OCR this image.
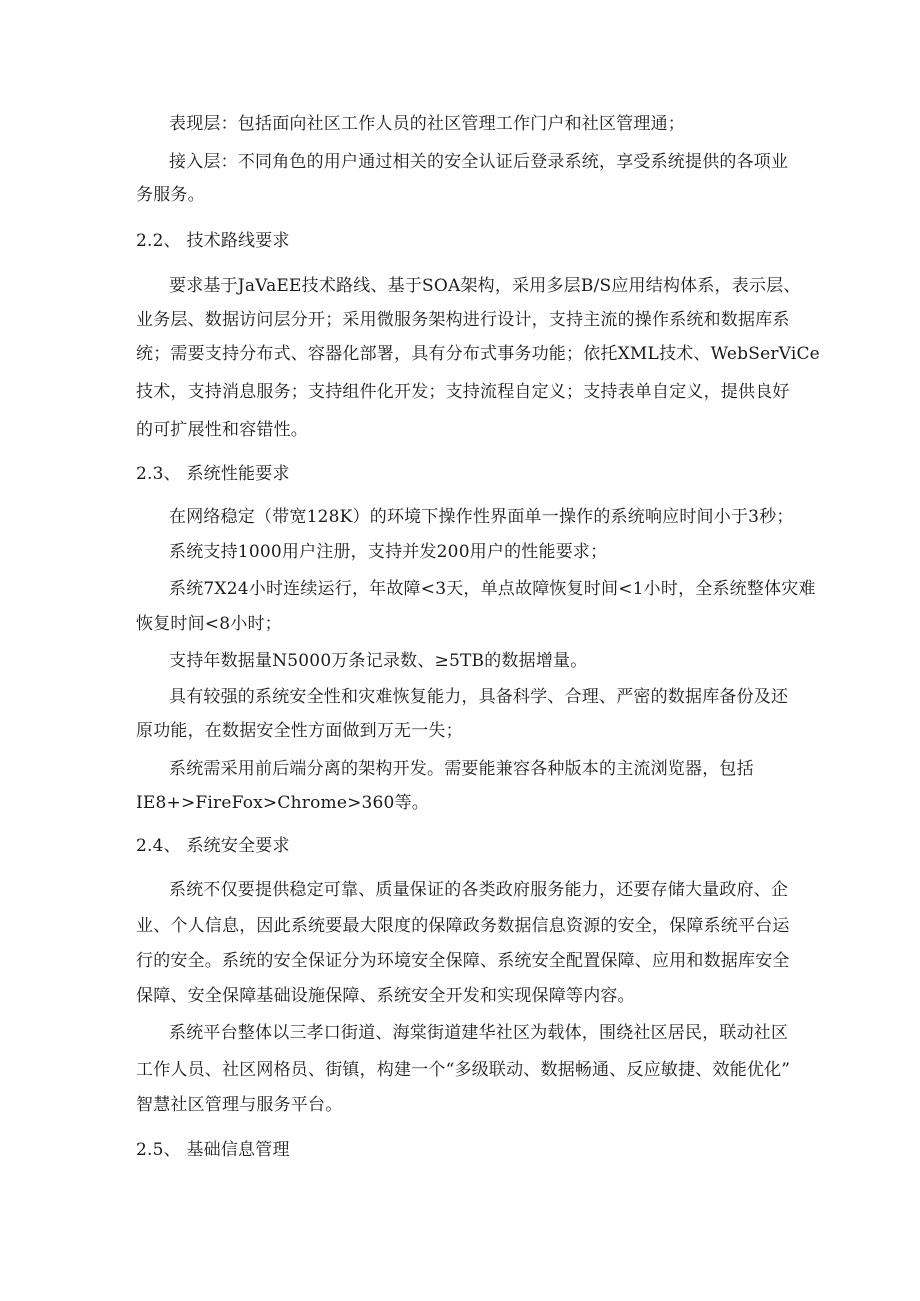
表现层：包括面向社区工作人员的社区管理工作门户和社区管理通；
接入层：不同角色的用户通过相关的安全认证后登录系统，享受系统提供的各项业
务服务。
2.2、 技术路线要求
要求基于JaVaEE技术路线、基于SOA架构，采用多层B/S应用结构体系，表示层、
业务层、数据访问层分开；采用微服务架构进行设计，支持主流的操作系统和数据库系
统；需要支持分布式、容器化部署，具有分布式事务功能；依托XML技术、WebSerViCe
技术，支持消息服务；支持组件化开发；支持流程自定义；支持表单自定义，提供良好
的可扩展性和容错性。
2.3、 系统性能要求
在网络稳定（带宽128K）的环境下操作性界面单一操作的系统响应时间小于3秒；
系统支持1000用户注册，支持并发200用户的性能要求；
系统7X24小时连续运行，年故障<3天，单点故障恢复时间<1小时，全系统整体灾难
恢复时间<8小时；
支持年数据量N5000万条记录数、≥5TB的数据增量。
具有较强的系统安全性和灾难恢复能力，具备科学、合理、严密的数据库备份及还
原功能，在数据安全性方面做到万无一失；
系统需采用前后端分离的架构开发。需要能兼容各种版本的主流浏览器，包括
IE8+>FireFox>Chrome>360等。
2.4、 系统安全要求
系统不仅要提供稳定可靠、质量保证的各类政府服务能力，还要存储大量政府、企
业、个人信息，因此系统要最大限度的保障政务数据信息资源的安全，保障系统平台运
行的安全。系统的安全保证分为环境安全保障、系统安全配置保障、应用和数据库安全
保障、安全保障基础设施保障、系统安全开发和实现保障等内容。
系统平台整体以三孝口街道、海棠街道建华社区为载体，围绕社区居民，联动社区
工作人员、社区网格员、街镇，构建一个“多级联动、数据畅通、反应敏捷、效能优化”
智慧社区管理与服务平台。
2.5、 基础信息管理
